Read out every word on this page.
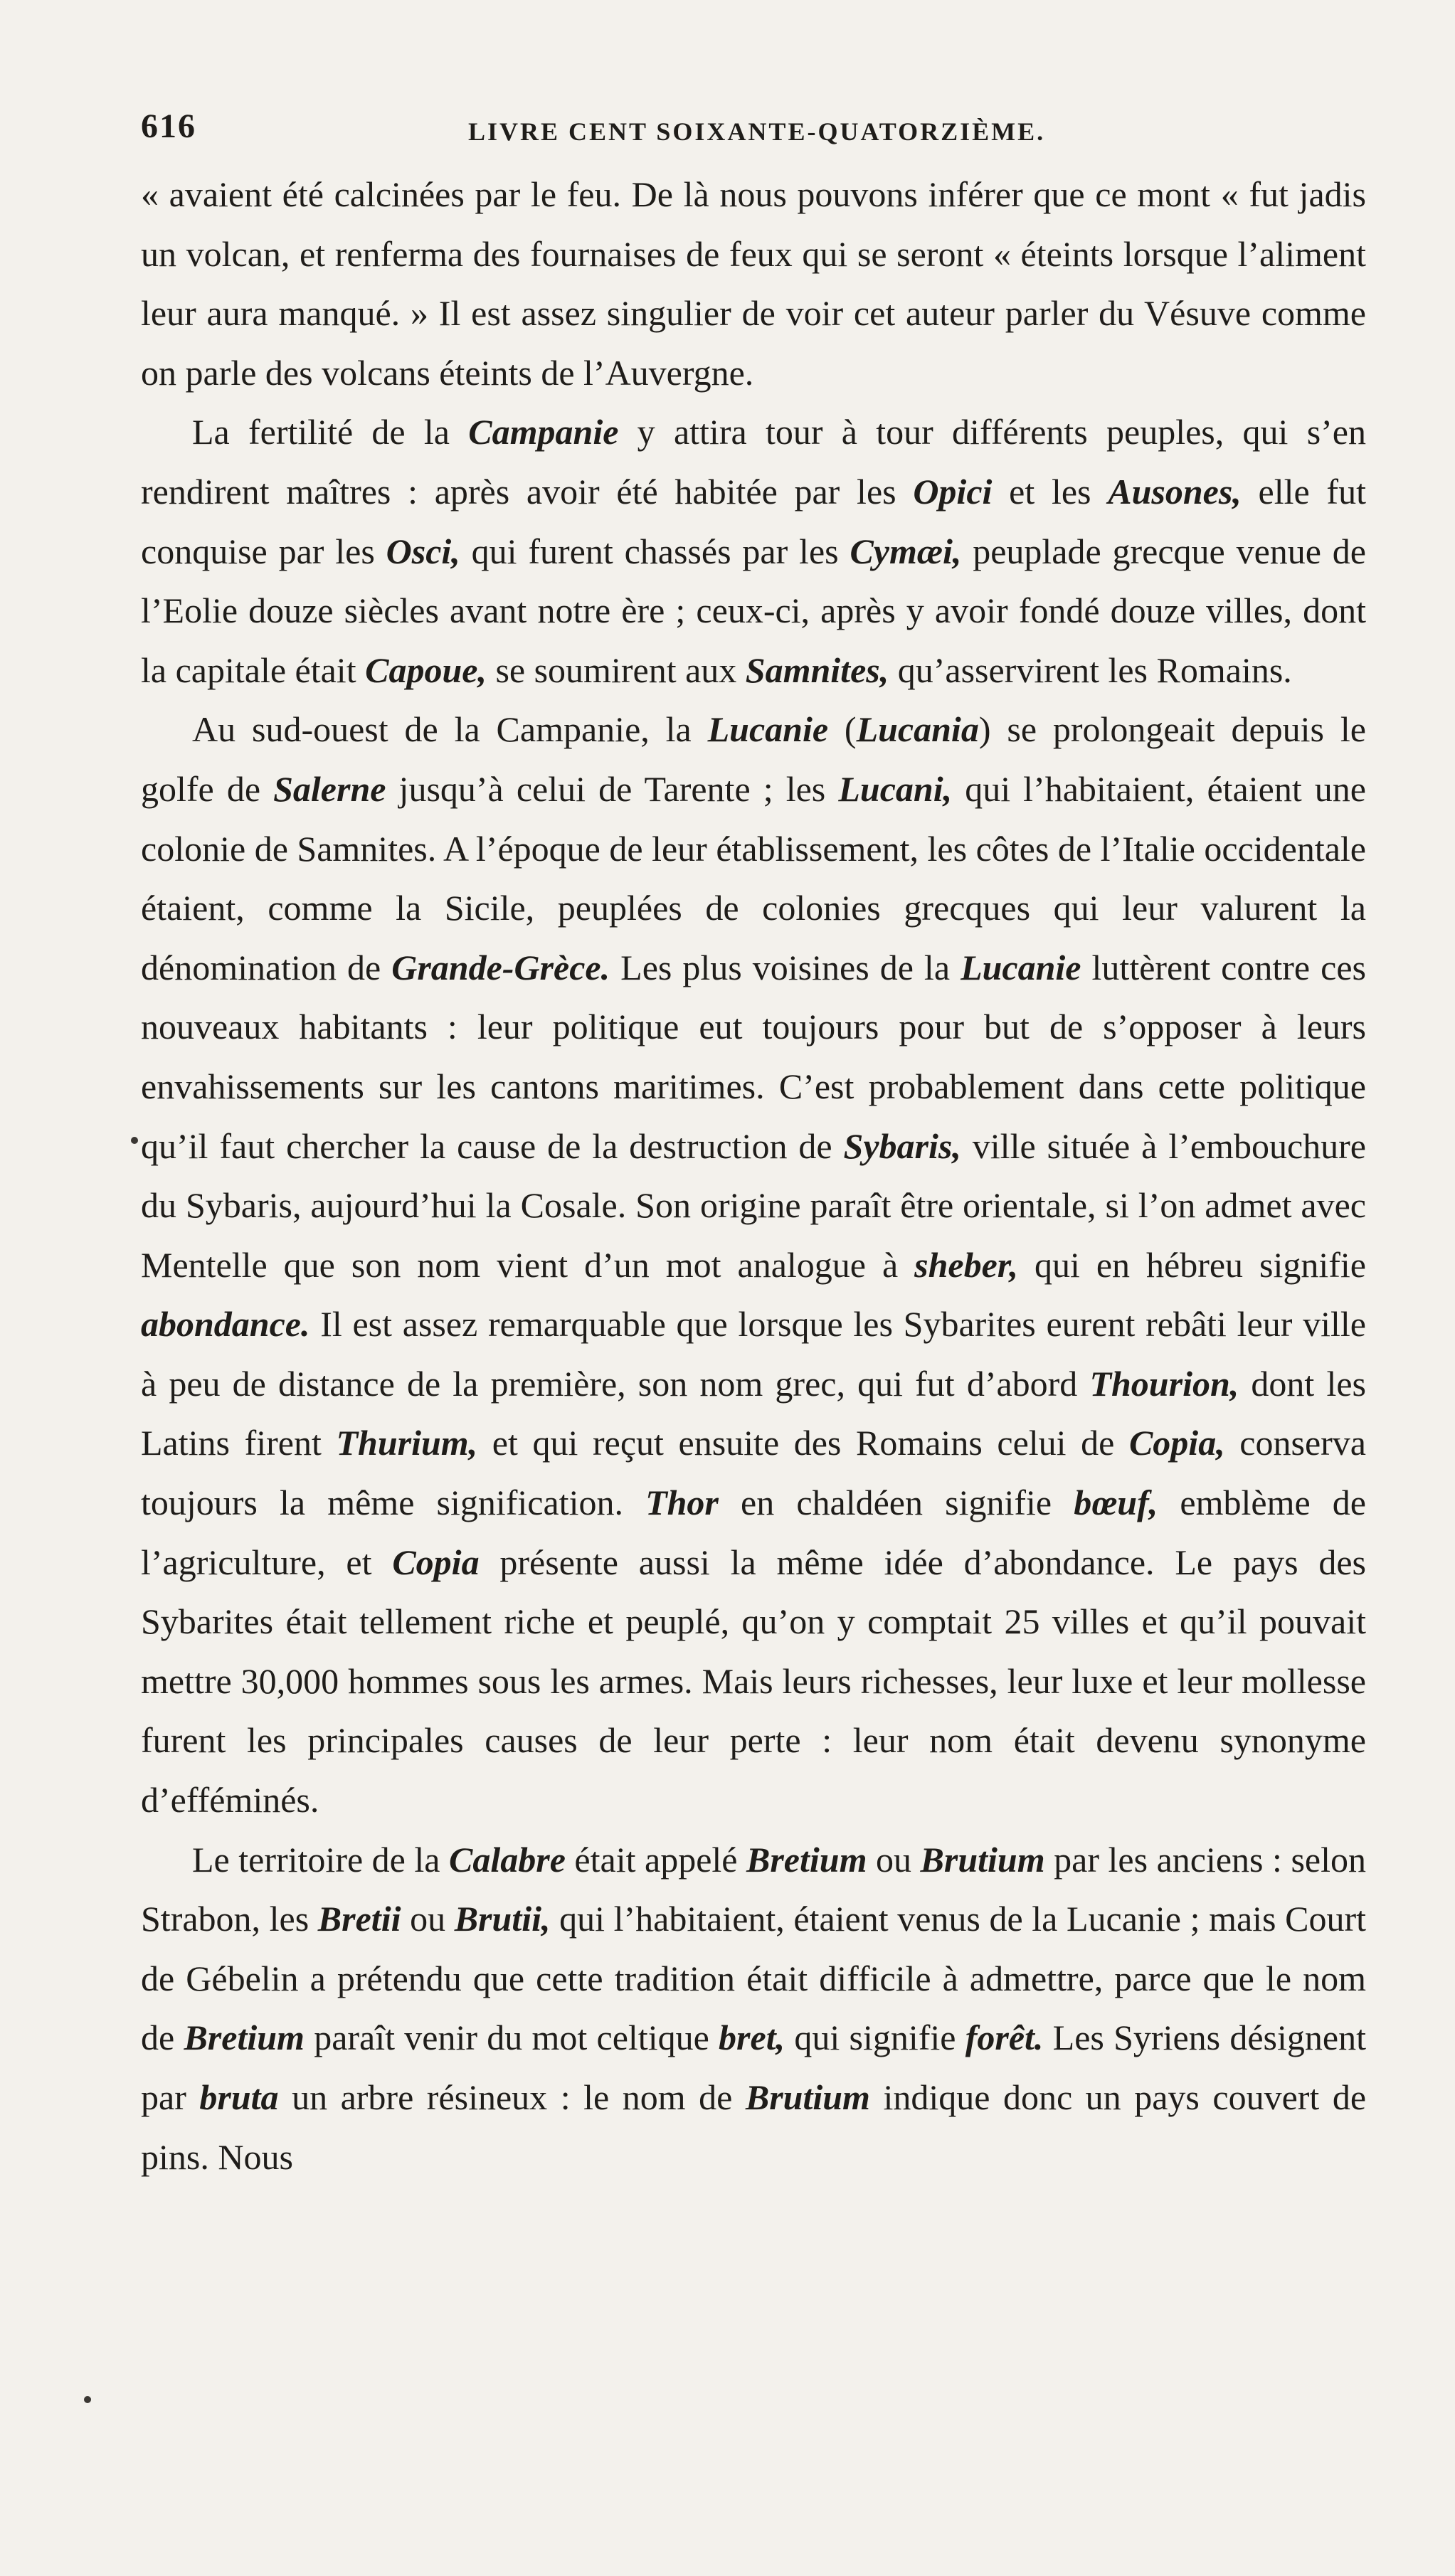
616	LIVRE CENT SOIXANTE-QUATORZIÈME.

« avaient été calcinées par le feu. De là nous pouvons inférer que ce mont « fut jadis un volcan, et renferma des fournaises de feux qui se seront « éteints lorsque l’aliment leur aura manqué. » Il est assez singulier de voir cet auteur parler du Vésuve comme on parle des volcans éteints de l’Auvergne.

La fertilité de la Campanie y attira tour à tour différents peuples, qui s’en rendirent maîtres : après avoir été habitée par les Opici et les Ausones, elle fut conquise par les Osci, qui furent chassés par les Cymæi, peuplade grecque venue de l’Eolie douze siècles avant notre ère ; ceux-ci, après y avoir fondé douze villes, dont la capitale était Capoue, se soumirent aux Samnites, qu’asservirent les Romains.

Au sud-ouest de la Campanie, la Lucanie (Lucania) se prolongeait depuis le golfe de Salerne jusqu’à celui de Tarente ; les Lucani, qui l’habitaient, étaient une colonie de Samnites. A l’époque de leur établissement, les côtes de l’Italie occidentale étaient, comme la Sicile, peuplées de colonies grecques qui leur valurent la dénomination de Grande-Grèce. Les plus voisines de la Lucanie luttèrent contre ces nouveaux habitants : leur politique eut toujours pour but de s’opposer à leurs envahissements sur les cantons maritimes. C’est probablement dans cette politique qu’il faut chercher la cause de la destruction de Sybaris, ville située à l’embouchure du Sybaris, aujourd’hui la Cosale. Son origine paraît être orientale, si l’on admet avec Mentelle que son nom vient d’un mot analogue à sheber, qui en hébreu signifie abondance. Il est assez remarquable que lorsque les Sybarites eurent rebâti leur ville à peu de distance de la première, son nom grec, qui fut d’abord Thourion, dont les Latins firent Thurium, et qui reçut ensuite des Romains celui de Copia, conserva toujours la même signification. Thor en chaldéen signifie bœuf, emblème de l’agriculture, et Copia présente aussi la même idée d’abondance. Le pays des Sybarites était tellement riche et peuplé, qu’on y comptait 25 villes et qu’il pouvait mettre 30,000 hommes sous les armes. Mais leurs richesses, leur luxe et leur mollesse furent les principales causes de leur perte : leur nom était devenu synonyme d’efféminés.

Le territoire de la Calabre était appelé Bretium ou Brutium par les anciens : selon Strabon, les Bretii ou Brutii, qui l’habitaient, étaient venus de la Lucanie ; mais Court de Gébelin a prétendu que cette tradition était difficile à admettre, parce que le nom de Bretium paraît venir du mot celtique bret, qui signifie forêt. Les Syriens désignent par bruta un arbre résineux : le nom de Brutium indique donc un pays couvert de pins. Nous
